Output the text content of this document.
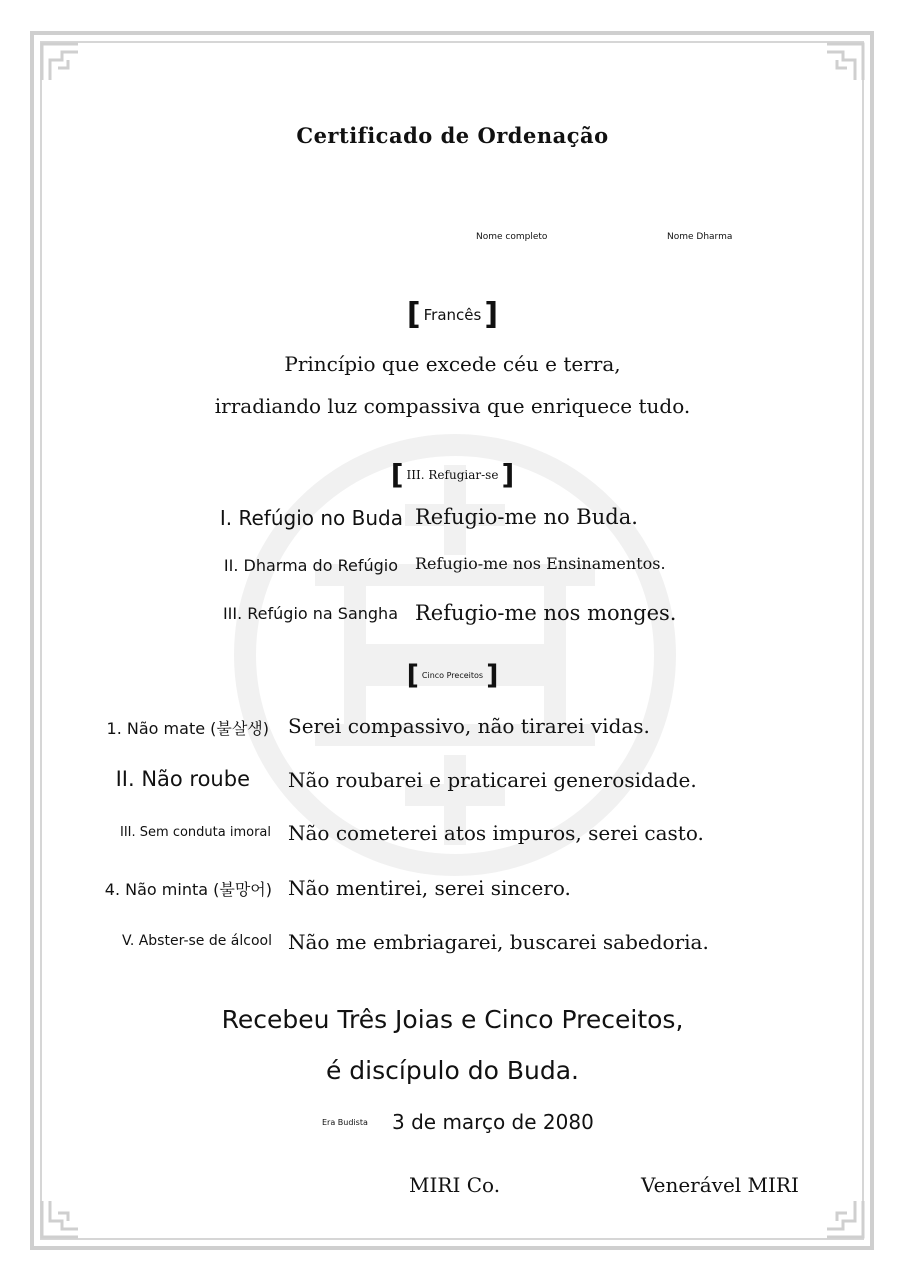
Certificado de Ordenação
Nome completo	Nome Dharma
[ Francês ]
Princípio que excede céu e terra,
irradiando luz compassiva que enriquece tudo.
[ III. Refugiar-se ]
I. Refúgio no Buda Refugio-me no Buda.
II. Dharma do Refúgio Refugio-me nos Ensinamentos.
III. Refúgio na Sangha Refugio-me nos monges.
[ Cinco Preceitos ]
1. Não mate (불살생) Serei compassivo, não tirarei vidas.
II. Não roube Não roubarei e praticarei generosidade.
III. Sem conduta imoral Não cometerei atos impuros, serei casto.
4. Não minta (불망어) Não mentirei, serei sincero.
V. Abster-se de álcool Não me embriagarei, buscarei sabedoria.
Recebeu Três Joias e Cinco Preceitos,
é discípulo do Buda.
Era Budista 3 de março de 2080
MIRI Co.	Venerável MIRI
